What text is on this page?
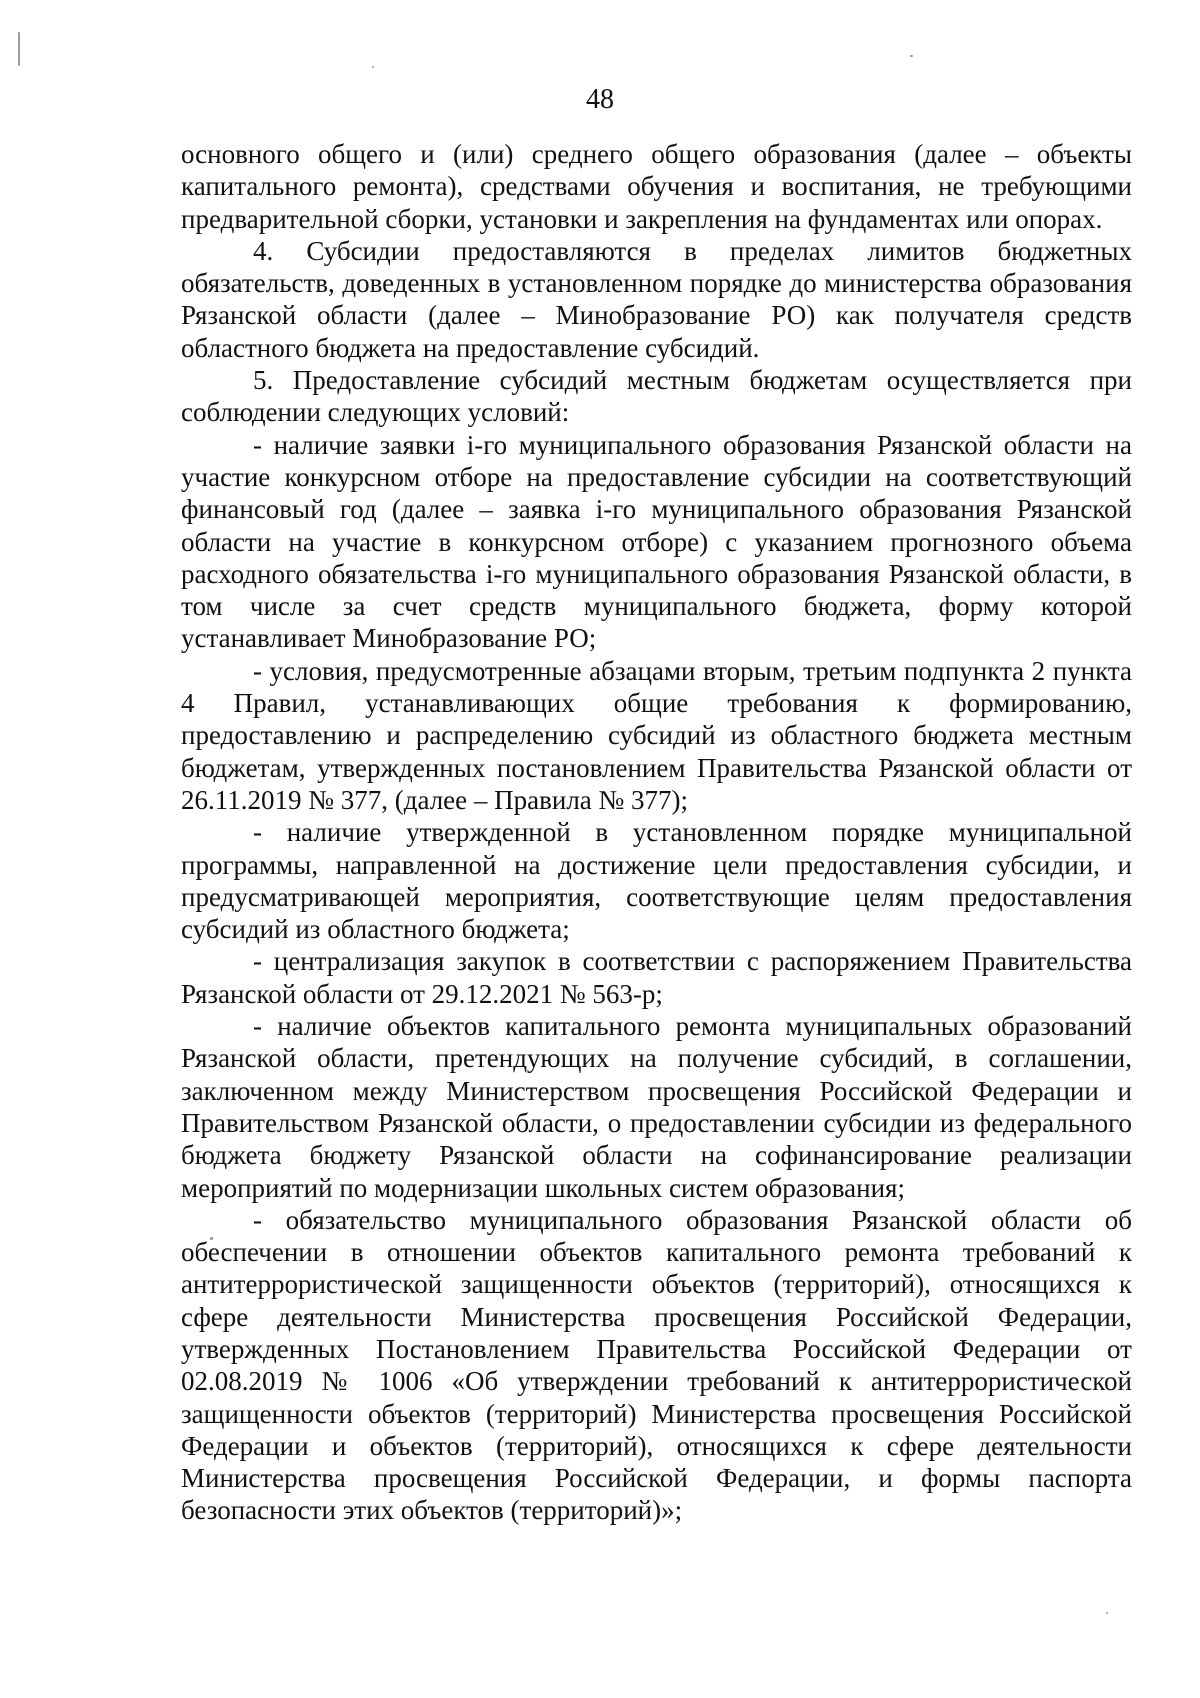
48

основного общего и (или) среднего общего образования (далее – объекты капитального ремонта), средствами обучения и воспитания, не требующими предварительной сборки, установки и закрепления на фундаментах или опорах.

4. Субсидии предоставляются в пределах лимитов бюджетных обязательств, доведенных в установленном порядке до министерства образования Рязанской области (далее – Минобразование РО) как получателя средств областного бюджета на предоставление субсидий.

5. Предоставление субсидий местным бюджетам осуществляется при соблюдении следующих условий:

- наличие заявки i-го муниципального образования Рязанской области на участие конкурсном отборе на предоставление субсидии на соответствующий финансовый год (далее – заявка i-го муниципального образования Рязанской области на участие в конкурсном отборе) с указанием прогнозного объема расходного обязательства i-го муниципального образования Рязанской области, в том числе за счет средств муниципального бюджета, форму которой устанавливает Минобразование РО;

- условия, предусмотренные абзацами вторым, третьим подпункта 2 пункта 4 Правил, устанавливающих общие требования к формированию, предоставлению и распределению субсидий из областного бюджета местным бюджетам, утвержденных постановлением Правительства Рязанской области от 26.11.2019 № 377, (далее – Правила № 377);

- наличие утвержденной в установленном порядке муниципальной программы, направленной на достижение цели предоставления субсидии, и предусматривающей мероприятия, соответствующие целям предоставления субсидий из областного бюджета;

- централизация закупок в соответствии с распоряжением Правительства Рязанской области от 29.12.2021 № 563-р;

- наличие объектов капитального ремонта муниципальных образований Рязанской области, претендующих на получение субсидий, в соглашении, заключенном между Министерством просвещения Российской Федерации и Правительством Рязанской области, о предоставлении субсидии из федерального бюджета бюджету Рязанской области на софинансирование реализации мероприятий по модернизации школьных систем образования;

- обязательство муниципального образования Рязанской области об обеспечении в отношении объектов капитального ремонта требований к антитеррористической защищенности объектов (территорий), относящихся к сфере деятельности Министерства просвещения Российской Федерации, утвержденных Постановлением Правительства Российской Федерации от 02.08.2019 № 1006 «Об утверждении требований к антитеррористической защищенности объектов (территорий) Министерства просвещения Российской Федерации и объектов (территорий), относящихся к сфере деятельности Министерства просвещения Российской Федерации, и формы паспорта безопасности этих объектов (территорий)»;
